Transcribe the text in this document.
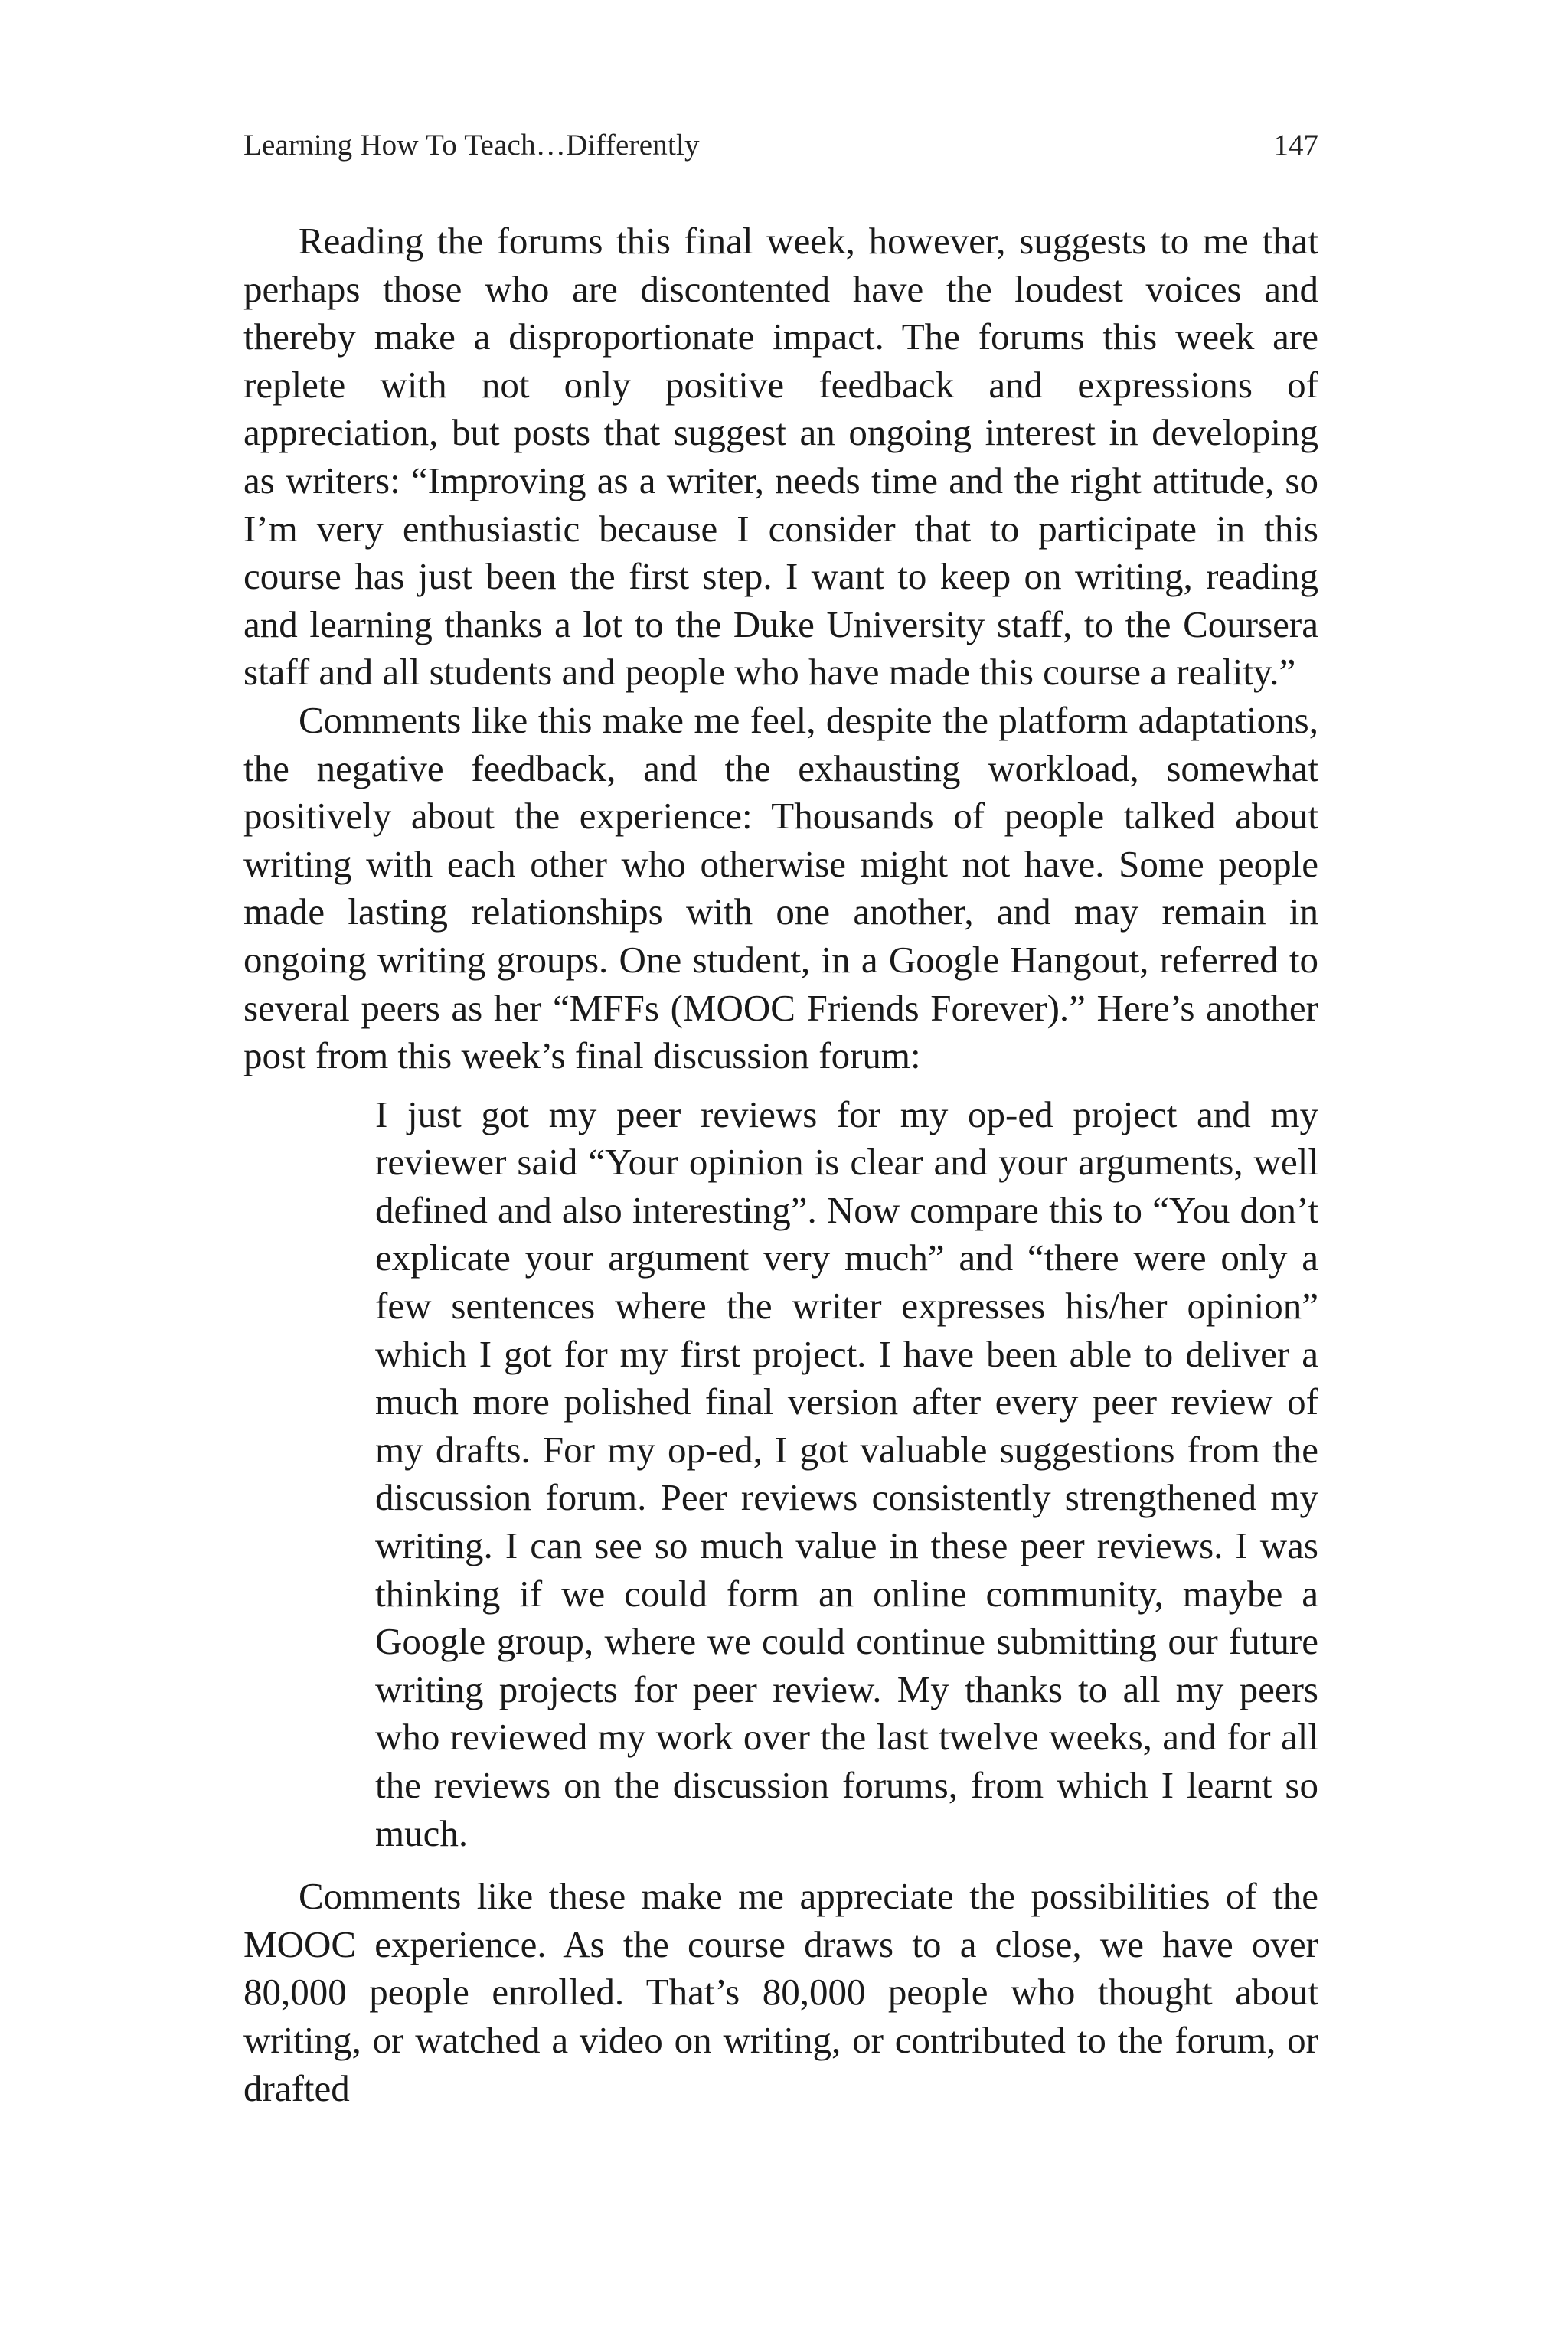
Learning How To Teach…Differently	147

Reading the forums this final week, however, suggests to me that perhaps those who are discontented have the loudest voices and thereby make a disproportionate impact. The forums this week are replete with not only positive feedback and expressions of appreciation, but posts that suggest an ongoing interest in developing as writers: “Improving as a writer, needs time and the right attitude, so I’m very enthusiastic because I consider that to participate in this course has just been the first step. I want to keep on writing, reading and learning thanks a lot to the Duke University staff, to the Coursera staff and all students and people who have made this course a reality.”

Comments like this make me feel, despite the platform adaptations, the negative feedback, and the exhausting workload, somewhat positively about the experience: Thousands of people talked about writing with each other who otherwise might not have. Some people made lasting relationships with one another, and may remain in ongoing writing groups. One student, in a Google Hangout, referred to several peers as her “MFFs (MOOC Friends Forever).” Here’s another post from this week’s final discussion forum:

I just got my peer reviews for my op-ed project and my reviewer said “Your opinion is clear and your arguments, well defined and also interesting”. Now compare this to “You don’t explicate your argument very much” and “there were only a few sentences where the writer expresses his/her opinion” which I got for my first project. I have been able to deliver a much more polished final version after every peer review of my drafts. For my op-ed, I got valuable suggestions from the discussion forum. Peer reviews consistently strengthened my writing. I can see so much value in these peer reviews. I was thinking if we could form an online community, maybe a Google group, where we could continue submitting our future writing projects for peer review. My thanks to all my peers who reviewed my work over the last twelve weeks, and for all the reviews on the discussion forums, from which I learnt so much.

Comments like these make me appreciate the possibilities of the MOOC experience. As the course draws to a close, we have over 80,000 people enrolled. That’s 80,000 people who thought about writing, or watched a video on writing, or contributed to the forum, or drafted
